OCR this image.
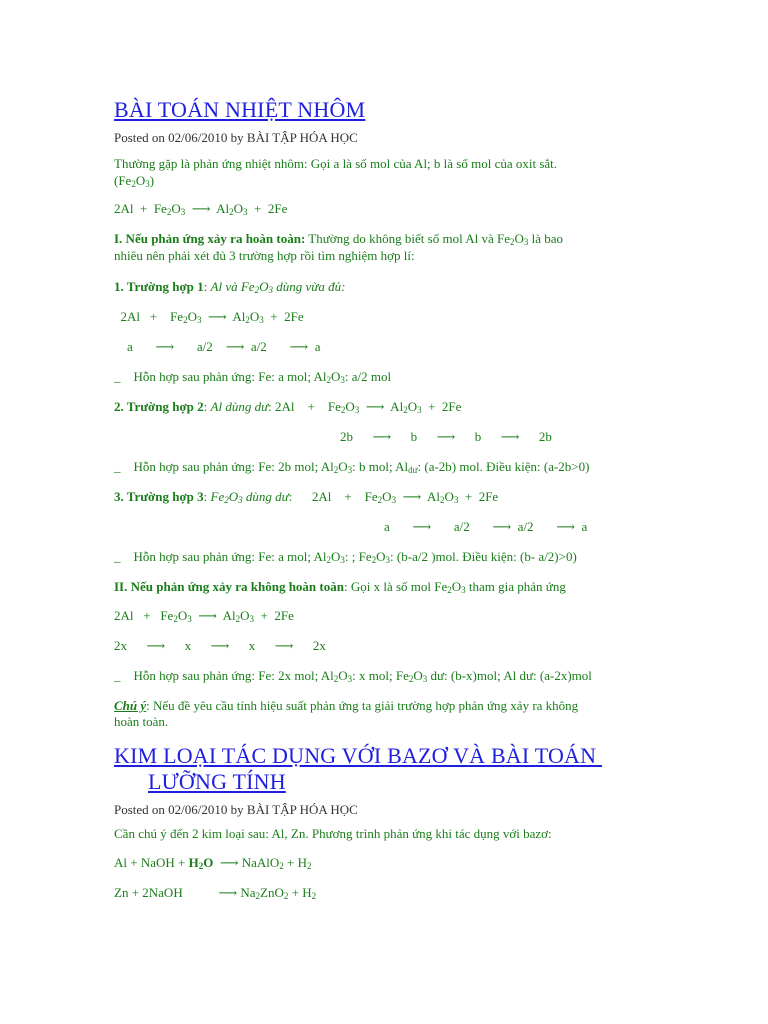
BÀI TOÁN NHIỆT NHÔM
Posted on 02/06/2010 by BÀI TẬP HÓA HỌC
Thường gặp là phản ứng nhiệt nhôm: Gọi a là số mol của Al; b là số mol của oxit sắt.
$(Fe_2O_3)$
$2Al + Fe_2O_3$  ⟶  $Al_2O_3 + 2Fe$
I. Nếu phản ứng xảy ra hoàn toàn: Thường do không biết số mol Al và $Fe_2O_3$ là bao
nhiêu nên phải xét đủ 3 trường hợp rồi tìm nghiệm hợp lí:
1. Trường hợp 1: Al và $Fe_2O_3$ dùng vừa đủ:
2Al   +    $Fe_2O_3$  ⟶  $Al_2O_3 + 2Fe$
a       ⟶       a/2    ⟶  a/2       ⟶  a
_    Hỗn hợp sau phản ứng: Fe: a mol; $Al_2O_3$: a/2 mol
2. Trường hợp 2: Al dùng dư: 2Al    +    $Fe_2O_3$  ⟶  $Al_2O_3 + 2Fe$
2b      ⟶      b      ⟶      b      ⟶      2b
_    Hỗn hợp sau phản ứng: Fe: 2b mol; $Al_2O_3$: b mol; $Al_{dư}$: (a-2b) mol. Điều kiện: (a-2b>0)
3. Trường hợp 3: $Fe_2O_3$ dùng dư:      2Al    +    $Fe_2O_3$  ⟶  $Al_2O_3 + 2Fe$
a       ⟶       a/2       ⟶  a/2       ⟶  a
_    Hỗn hợp sau phản ứng: Fe: a mol; $Al_2O_3$: ; $Fe_2O_3$: (b-a/2 )mol. Điều kiện: (b- a/2)>0)
II. Nếu phản ứng xảy ra không hoàn toàn: Gọi x là số mol $Fe_2O_3$ tham gia phản ứng
$2Al + Fe_2O_3$  ⟶  $Al_2O_3 + 2Fe$
2x      ⟶      x      ⟶      x      ⟶      2x
_    Hỗn hợp sau phản ứng: Fe: 2x mol; $Al_2O_3$: x mol; $Fe_2O_3$ dư: (b-x)mol; Al dư: (a-2x)mol
Chú ý: Nếu đề yêu cầu tính hiệu suất phản ứng ta giải trường hợp phản ứng xảy ra không
hoàn toàn.
KIM LOẠI TÁC DỤNG VỚI BAZƠ VÀ BÀI TOÁN
LƯỠNG TÍNH
Posted on 02/06/2010 by BÀI TẬP HÓA HỌC
Cần chú ý đến 2 kim loại sau: Al, Zn. Phương trình phản ứng khi tác dụng với bazơ:
Al + NaOH + $H_2O$  ⟶ NaAlO$_2$ + $H_2$
Zn + 2NaOH           ⟶ $Na_2ZnO_2 + H_2$
